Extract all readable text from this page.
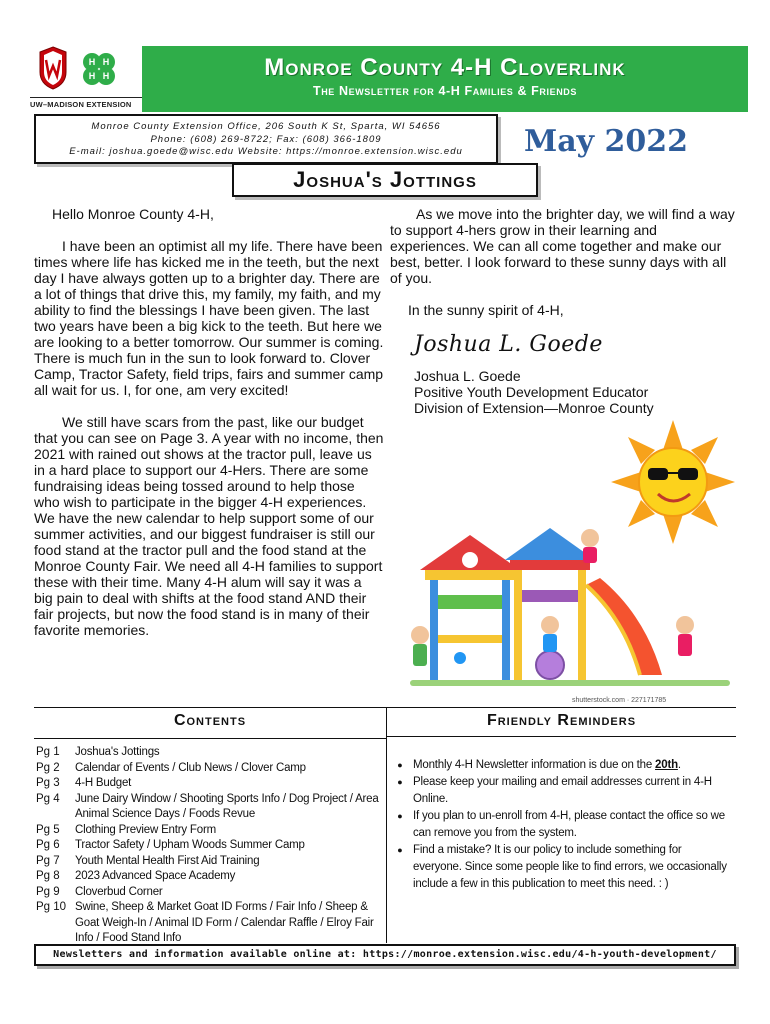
H H
H H
UW–MADISON EXTENSION
Monroe County 4-H Cloverlink
The Newsletter for 4-H Families & Friends
Monroe County Extension Office, 206 South K St, Sparta, WI 54656
Phone: (608) 269-8722; Fax: (608) 366-1809
E-mail: joshua.goede@wisc.edu Website: https://monroe.extension.wisc.edu	May 2022
Joshua's Jottings

Hello Monroe County 4-H,

I have been an optimist all my life. There have been times where life has kicked me in the teeth, but the next day I have always gotten up to a brighter day. There are a lot of things that drive this, my family, my faith, and my ability to find the blessings I have been given. The last two years have been a big kick to the teeth. But here we are looking to a better tomorrow. Our summer is coming. There is much fun in the sun to look forward to. Clover Camp, Tractor Safety, field trips, fairs and summer camp all wait for us. I, for one, am very excited!

We still have scars from the past, like our budget that you can see on Page 3. A year with no income, then 2021 with rained out shows at the tractor pull, leave us in a hard place to support our 4-Hers. There are some fundraising ideas being tossed around to help those who wish to participate in the bigger 4-H experiences. We have the new calendar to help support some of our summer activities, and our biggest fundraiser is still our food stand at the tractor pull and the food stand at the Monroe County Fair. We need all 4-H families to support these with their time. Many 4-H alum will say it was a big pain to deal with shifts at the food stand AND their fair projects, but now the food stand is in many of their favorite memories.

As we move into the brighter day, we will find a way to support 4-hers grow in their learning and experiences. We can all come together and make our best, better. I look forward to these sunny days with all of you.

In the sunny spirit of 4-H,

Joshua L. Goede
Joshua L. Goede
Positive Youth Development Educator
Division of Extension—Monroe County
shutterstock.com · 227171785
Contents
Pg 1	Joshua's Jottings
Pg 2	Calendar of Events / Club News / Clover Camp
Pg 3	4-H Budget
Pg 4	June Dairy Window / Shooting Sports Info / Dog Project / Area Animal Science Days / Foods Revue
Pg 5	Clothing Preview Entry Form
Pg 6	Tractor Safety / Upham Woods Summer Camp
Pg 7	Youth Mental Health First Aid Training
Pg 8	2023 Advanced Space Academy
Pg 9	Cloverbud Corner
Pg 10 Swine, Sheep & Market Goat ID Forms / Fair Info / Sheep & Goat Weigh-In / Animal ID Form / Calendar Raffle / Elroy Fair Info / Food Stand Info
Friendly Reminders
● Monthly 4-H Newsletter information is due on the 20th.
● Please keep your mailing and email addresses current in 4-H Online.
● If you plan to un-enroll from 4-H, please contact the office so we can remove you from the system.
● Find a mistake? It is our policy to include something for everyone. Since some people like to find errors, we occasionally include a few in this publication to meet this need. : )
Newsletters and information available online at: https://monroe.extension.wisc.edu/4-h-youth-development/
